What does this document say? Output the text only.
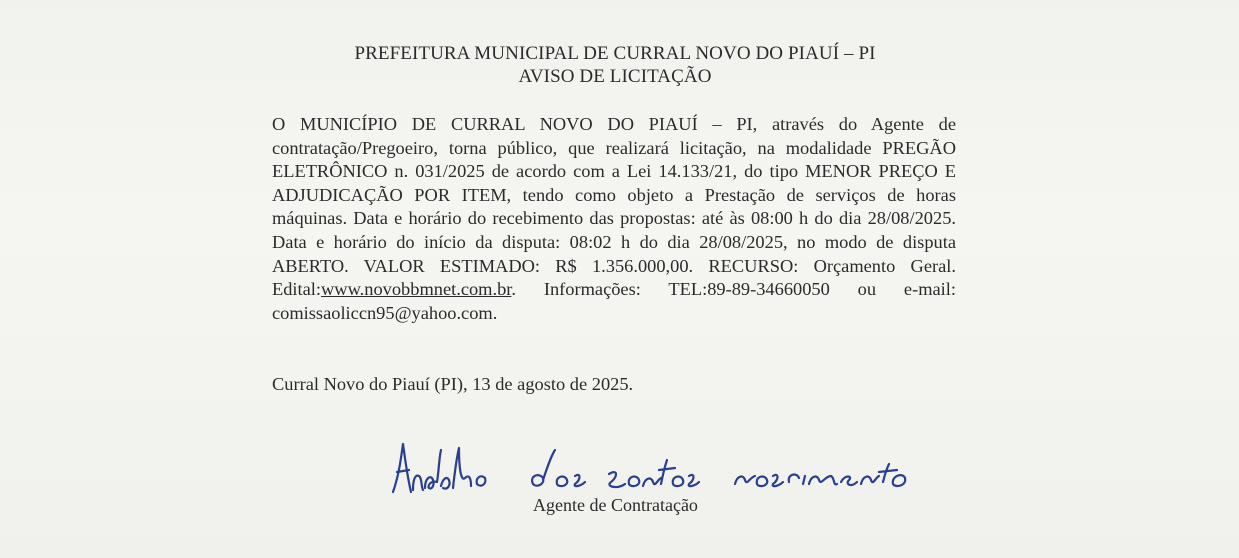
PREFEITURA MUNICIPAL DE CURRAL NOVO DO PIAUÍ – PI
AVISO DE LICITAÇÃO
O MUNICÍPIO DE CURRAL NOVO DO PIAUÍ – PI, através do Agente de contratação/Pregoeiro, torna público, que realizará licitação, na modalidade PREGÃO ELETRÔNICO n. 031/2025 de acordo com a Lei 14.133/21, do tipo MENOR PREÇO E ADJUDICAÇÃO POR ITEM, tendo como objeto a Prestação de serviços de horas máquinas. Data e horário do recebimento das propostas: até às 08:00 h do dia 28/08/2025. Data e horário do início da disputa: 08:02 h do dia 28/08/2025, no modo de disputa ABERTO. VALOR ESTIMADO: R$ 1.356.000,00. RECURSO: Orçamento Geral. Edital:www.novobbmnet.com.br. Informações: TEL:89-89-34660050 ou e-mail: comissaoliccn95@yahoo.com.
Curral Novo do Piauí (PI), 13 de agosto de 2025.
Agente de Contratação
